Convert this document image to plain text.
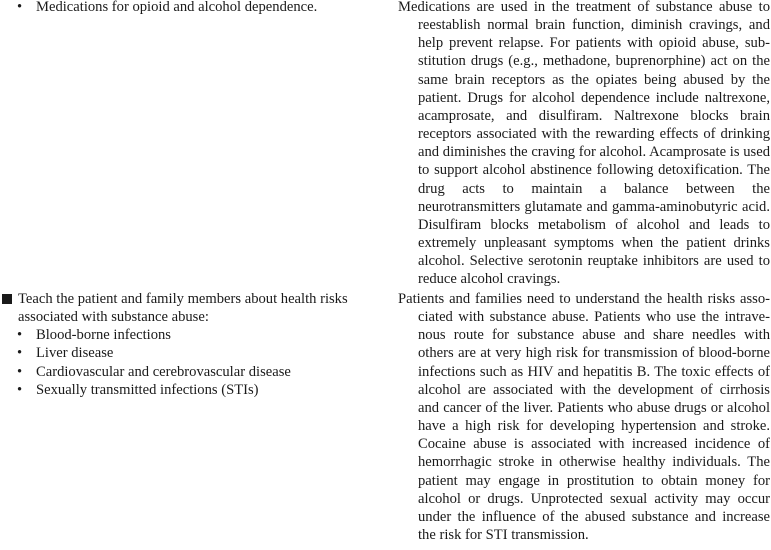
• Medications for opioid and alcohol dependence.	Medications are used in the treatment of substance abuse to reestablish normal brain function, diminish cravings, and help prevent relapse. For patients with opioid abuse, substitution drugs (e.g., methadone, buprenorphine) act on the same brain receptors as the opiates being abused by the patient. Drugs for alcohol dependence include naltrexone, acamprosate, and disulfiram. Naltrexone blocks brain receptors associated with the rewarding effects of drinking and diminishes the craving for alcohol. Acamprosate is used to support alcohol abstinence following detoxification. The drug acts to maintain a balance between the neurotransmitters glutamate and gamma-aminobutyric acid. Disulfiram blocks metabolism of alcohol and leads to extremely unpleasant symptoms when the patient drinks alcohol. Selective serotonin reuptake inhibitors are used to reduce alcohol cravings.

Teach the patient and family members about health risks associated with substance abuse:
• Blood-borne infections
• Liver disease
• Cardiovascular and cerebrovascular disease
• Sexually transmitted infections (STIs)

Patients and families need to understand the health risks associated with substance abuse. Patients who use the intravenous route for substance abuse and share needles with others are at very high risk for transmission of blood-borne infections such as HIV and hepatitis B. The toxic effects of alcohol are associated with the development of cirrhosis and cancer of the liver. Patients who abuse drugs or alcohol have a high risk for developing hypertension and stroke. Cocaine abuse is associated with increased incidence of hemorrhagic stroke in otherwise healthy individuals. The patient may engage in prostitution to obtain money for alcohol or drugs. Unprotected sexual activity may occur under the influence of the abused substance and increase the risk for STI transmission.
